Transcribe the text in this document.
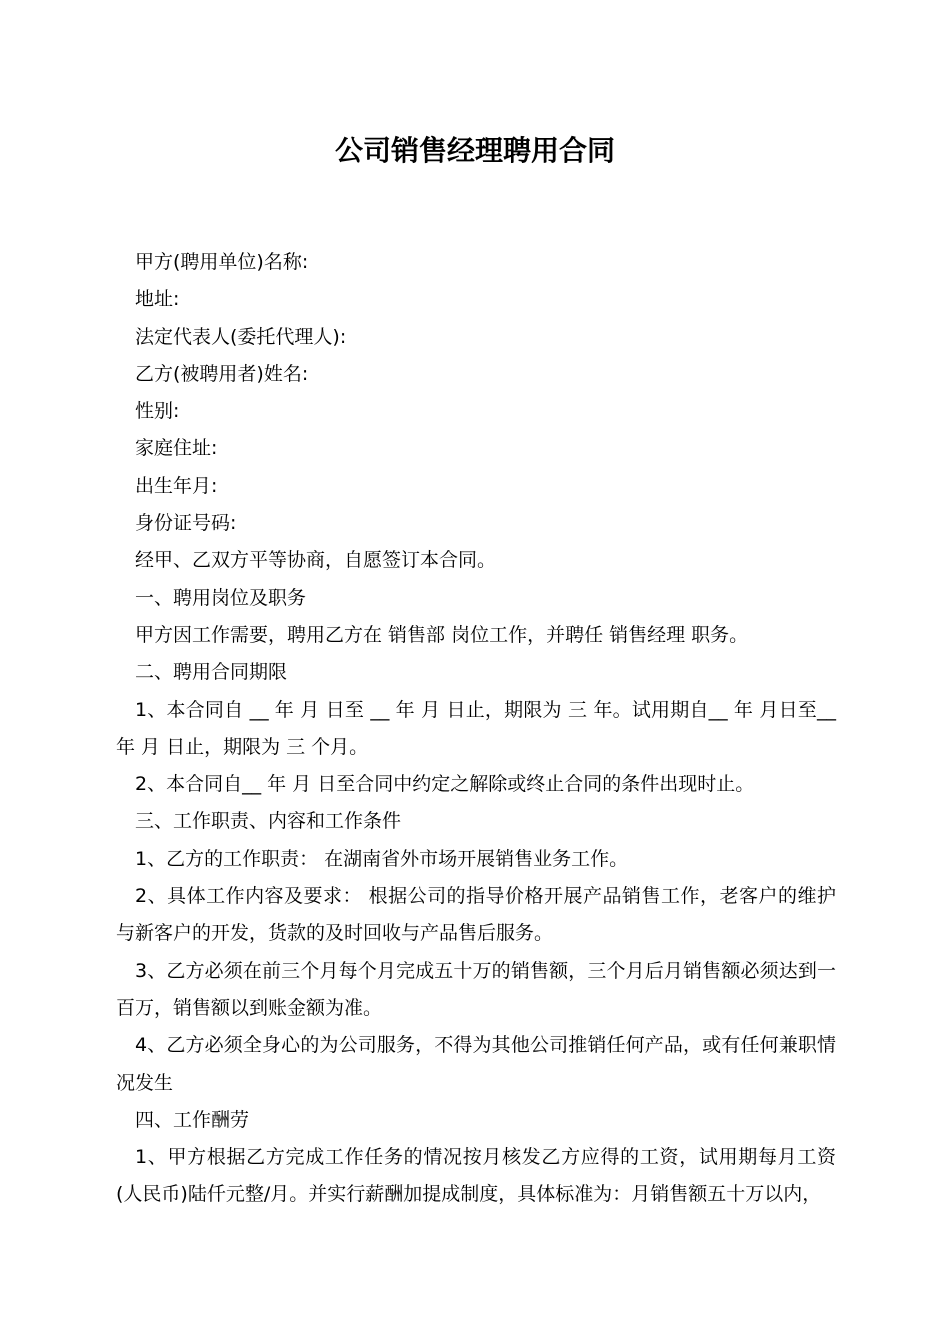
公司销售经理聘用合同

甲方(聘用单位)名称:

地址:

法定代表人(委托代理人):

乙方(被聘用者)姓名:

性别:

家庭住址:

出生年月:

身份证号码:

经甲、乙双方平等协商，自愿签订本合同。

一、聘用岗位及职务

甲方因工作需要，聘用乙方在 销售部 岗位工作，并聘任 销售经理 职务。

二、聘用合同期限

1、本合同自 __ 年 月 日至 __ 年 月 日止，期限为 三 年。试用期自__ 年 月日至__ 年 月 日止，期限为 三 个月。

2、本合同自__ 年 月 日至合同中约定之解除或终止合同的条件出现时止。

三、工作职责、内容和工作条件

1、乙方的工作职责： 在湖南省外市场开展销售业务工作。

2、具体工作内容及要求： 根据公司的指导价格开展产品销售工作，老客户的维护与新客户的开发，货款的及时回收与产品售后服务。

3、乙方必须在前三个月每个月完成五十万的销售额，三个月后月销售额必须达到一百万，销售额以到账金额为准。

4、乙方必须全身心的为公司服务，不得为其他公司推销任何产品，或有任何兼职情况发生

四、工作酬劳

1、甲方根据乙方完成工作任务的情况按月核发乙方应得的工资，试用期每月工资(人民币)陆仟元整/月。并实行薪酬加提成制度，具体标准为：月销售额五十万以内，
